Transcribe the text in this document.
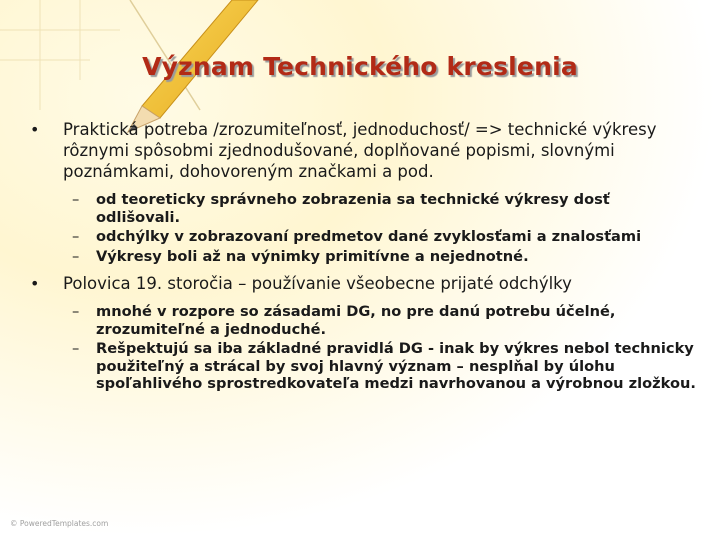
Význam Technického kreslenia
• Praktická potreba /zrozumiteľnosť, jednoduchosť/ => technické výkresy rôznymi spôsobmi zjednodušované, doplňované popismi, slovnými poznámkami, dohovoreným značkami a pod.
– od teoreticky správneho zobrazenia sa technické výkresy dosť odlišovali.
– odchýlky v zobrazovaní predmetov dané zvyklosťami a znalosťami
– Výkresy boli až na výnimky primitívne a nejednotné.
• Polovica 19. storočia – používanie všeobecne prijaté odchýlky
– mnohé v rozpore so zásadami DG, no pre danú potrebu účelné, zrozumiteľné a jednoduché.
– Rešpektujú sa iba základné pravidlá DG - inak by výkres nebol technicky použiteľný a strácal by svoj hlavný význam – nesplňal by úlohu spoľahlivého sprostredkovateľa medzi navrhovanou a výrobnou zložkou.
© PoweredTemplates.com
